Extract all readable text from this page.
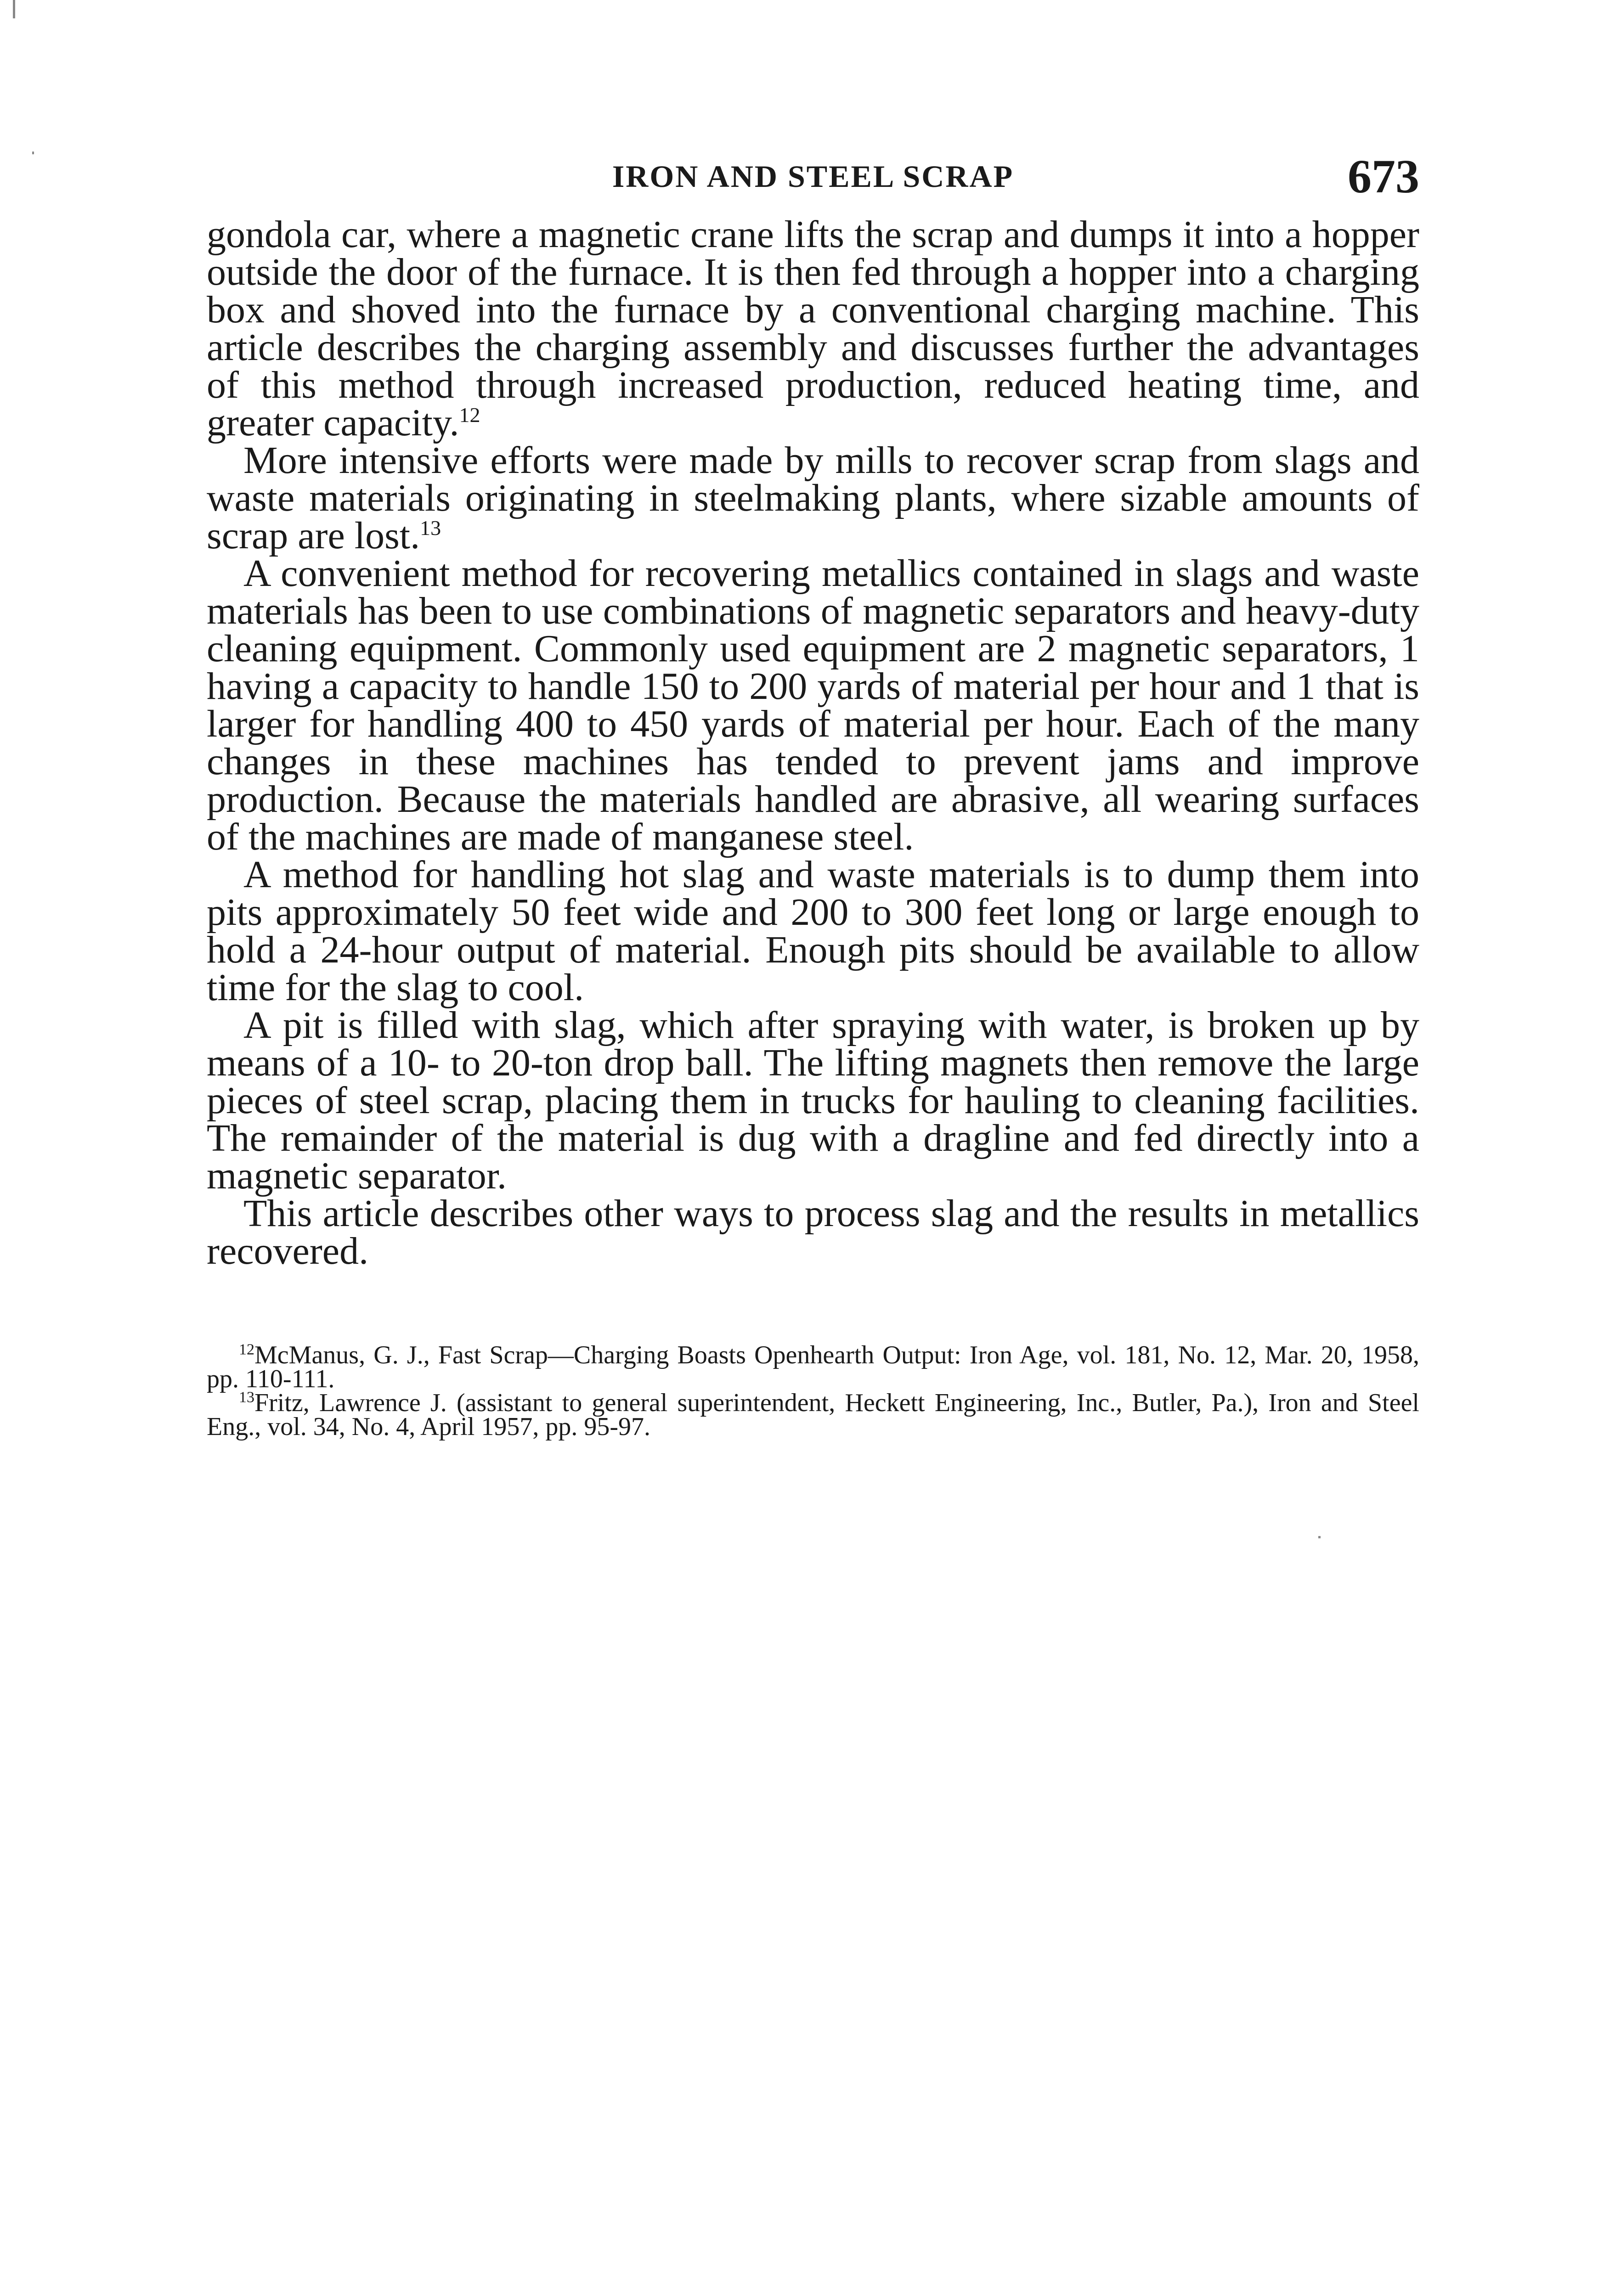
IRON AND STEEL SCRAP	673

gondola car, where a magnetic crane lifts the scrap and dumps it into a hopper outside the door of the furnace. It is then fed through a hopper into a charging box and shoved into the furnace by a conventional charging machine. This article describes the charging assembly and discusses further the advantages of this method through increased production, reduced heating time, and greater capacity.$^{12}$

More intensive efforts were made by mills to recover scrap from slags and waste materials originating in steelmaking plants, where sizable amounts of scrap are lost.$^{13}$

A convenient method for recovering metallics contained in slags and waste materials has been to use combinations of magnetic separators and heavy-duty cleaning equipment. Commonly used equipment are 2 magnetic separators, 1 having a capacity to handle 150 to 200 yards of material per hour and 1 that is larger for handling 400 to 450 yards of material per hour. Each of the many changes in these machines has tended to prevent jams and improve production. Because the materials handled are abrasive, all wearing surfaces of the machines are made of manganese steel.

A method for handling hot slag and waste materials is to dump them into pits approximately 50 feet wide and 200 to 300 feet long or large enough to hold a 24-hour output of material. Enough pits should be available to allow time for the slag to cool.

A pit is filled with slag, which after spraying with water, is broken up by means of a 10- to 20-ton drop ball. The lifting magnets then remove the large pieces of steel scrap, placing them in trucks for hauling to cleaning facilities. The remainder of the material is dug with a dragline and fed directly into a magnetic separator.

This article describes other ways to process slag and the results in metallics recovered.

$^{12}$McManus, G. J., Fast Scrap—Charging Boasts Openhearth Output: Iron Age, vol. 181, No. 12, Mar. 20, 1958, pp. 110-111.

$^{13}$Fritz, Lawrence J. (assistant to general superintendent, Heckett Engineering, Inc., Butler, Pa.), Iron and Steel Eng., vol. 34, No. 4, April 1957, pp. 95-97.
